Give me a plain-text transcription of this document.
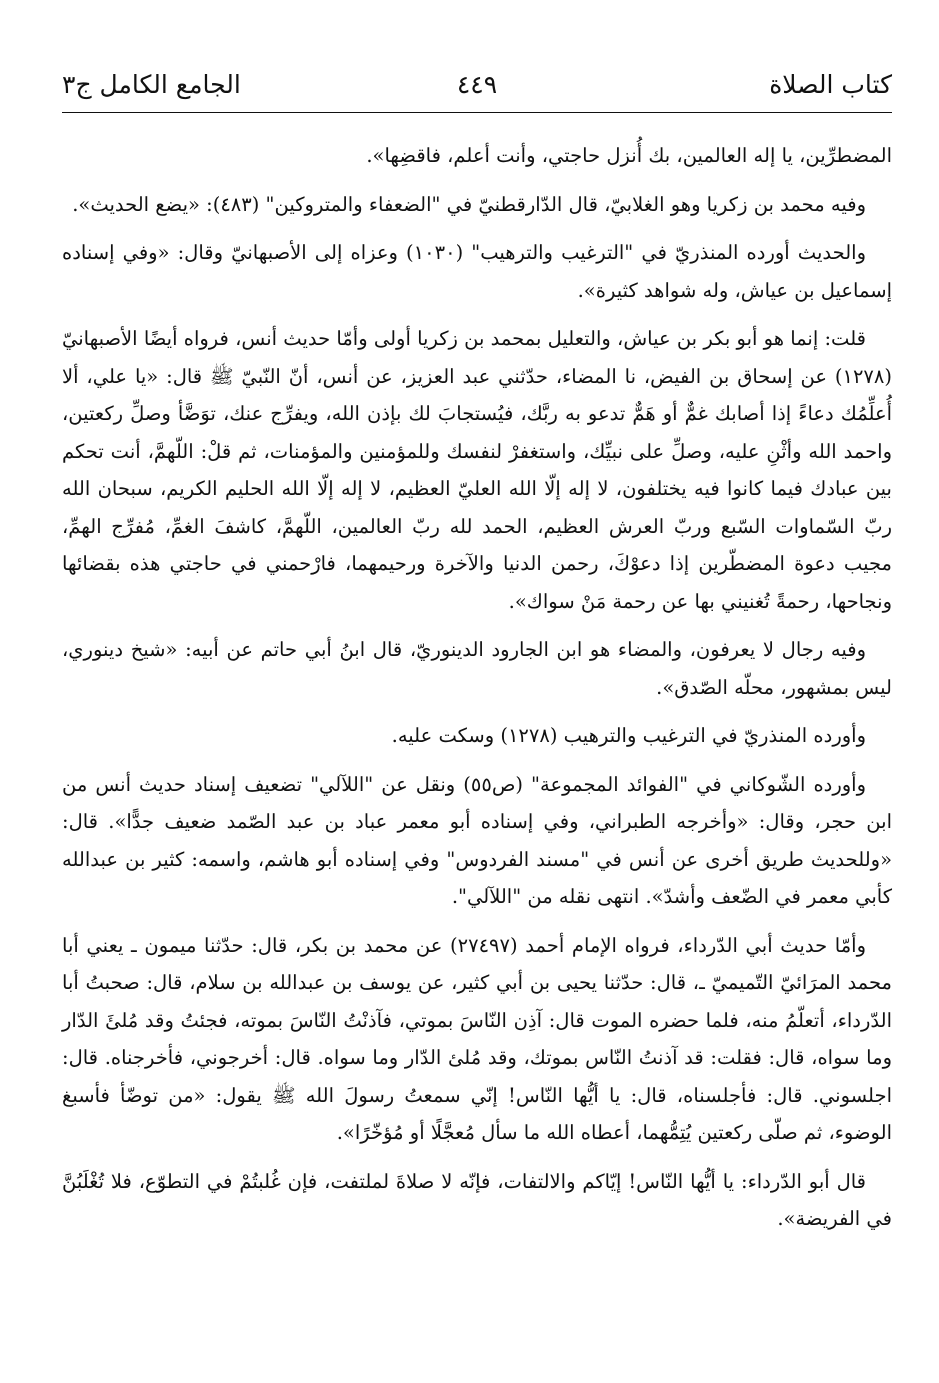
كتاب الصلاة
٤٤٩
الجامع الكامل ج٣

المضطرِّين، يا إله العالمين، بك أُنزل حاجتي، وأنت أعلم، فاقضِها».

وفيه محمد بن زكريا وهو الغلابيّ، قال الدّارقطنيّ في "الضعفاء والمتروكين" (٤٨٣): «يضع الحديث».

والحديث أورده المنذريّ في "الترغيب والترهيب" (١٠٣٠) وعزاه إلى الأصبهانيّ وقال: «وفي إسناده إسماعيل بن عياش، وله شواهد كثيرة».

قلت: إنما هو أبو بكر بن عياش، والتعليل بمحمد بن زكريا أولى وأمّا حديث أنس، فرواه أيضًا الأصبهانيّ (١٢٧٨) عن إسحاق بن الفيض، نا المضاء، حدّثني عبد العزيز، عن أنس، أنّ النّبيّ ﷺ قال: «يا علي، ألا أُعلِّمُك دعاءً إذا أصابك غمٌّ أو هَمٌّ تدعو به ربَّك، فيُستجابَ لك بإذن الله، ويفرِّج عنك، توَضَّأ وصلِّ ركعتين، واحمد الله وأثْنِ عليه، وصلِّ على نبيِّك، واستغفرْ لنفسك وللمؤمنين والمؤمنات، ثم قلْ: اللّهمَّ، أنت تحكم بين عبادك فيما كانوا فيه يختلفون، لا إله إلّا الله العليّ العظيم، لا إله إلّا الله الحليم الكريم، سبحان الله ربّ السّماوات السّبع وربّ العرش العظيم، الحمد لله ربّ العالمين، اللّهمَّ، كاشفَ الغمِّ، مُفرِّج الهمِّ، مجيب دعوة المضطّرين إذا دعوْكَ، رحمن الدنيا والآخرة ورحيمهما، فارْحمني في حاجتي هذه بقضائها ونجاحها، رحمةً تُغنيني بها عن رحمة مَنْ سواك».

وفيه رجال لا يعرفون، والمضاء هو ابن الجارود الدينوريّ، قال ابنُ أبي حاتم عن أبيه: «شيخ دينوري، ليس بمشهور، محلّه الصّدق».

وأورده المنذريّ في الترغيب والترهيب (١٢٧٨) وسكت عليه.

وأورده الشّوكاني في "الفوائد المجموعة" (ص٥٥) ونقل عن "اللآلي" تضعيف إسناد حديث أنس من ابن حجر، وقال: «وأخرجه الطبراني، وفي إسناده أبو معمر عباد بن عبد الصّمد ضعيف جدًّا». قال: «وللحديث طريق أخرى عن أنس في "مسند الفردوس" وفي إسناده أبو هاشم، واسمه: كثير بن عبدالله كأبي معمر في الضّعف وأشدّ». انتهى نقله من "اللآلي".

وأمّا حديث أبي الدّرداء، فرواه الإمام أحمد (٢٧٤٩٧) عن محمد بن بكر، قال: حدّثنا ميمون ـ يعني أبا محمد المرَائيّ التّميميّ ـ، قال: حدّثنا يحيى بن أبي كثير، عن يوسف بن عبدالله بن سلام، قال: صحبتُ أبا الدّرداء، أتعلّمُ منه، فلما حضره الموت قال: آذِن النّاسَ بموتي، فآذنْتُ النّاسَ بموته، فجئتُ وقد مُلئَ الدّار وما سواه، قال: فقلت: قد آذنتُ النّاس بموتك، وقد مُلئ الدّار وما سواه. قال: أخرجوني، فأخرجناه. قال: اجلسوني. قال: فأجلسناه، قال: يا أيُّها النّاس! إنّي سمعتُ رسولَ الله ﷺ يقول: «من توضّأ فأسبغ الوضوء، ثم صلّى ركعتين يُتِمُّهما، أعطاه الله ما سأل مُعجَّلًا أو مُؤخّرًا».

قال أبو الدّرداء: يا أيُّها النّاس! إيّاكم والالتفات، فإنّه لا صلاةَ لملتفت، فإن غُلبتُمْ في التطوّع، فلا تُغْلَبُنَّ في الفريضة».
